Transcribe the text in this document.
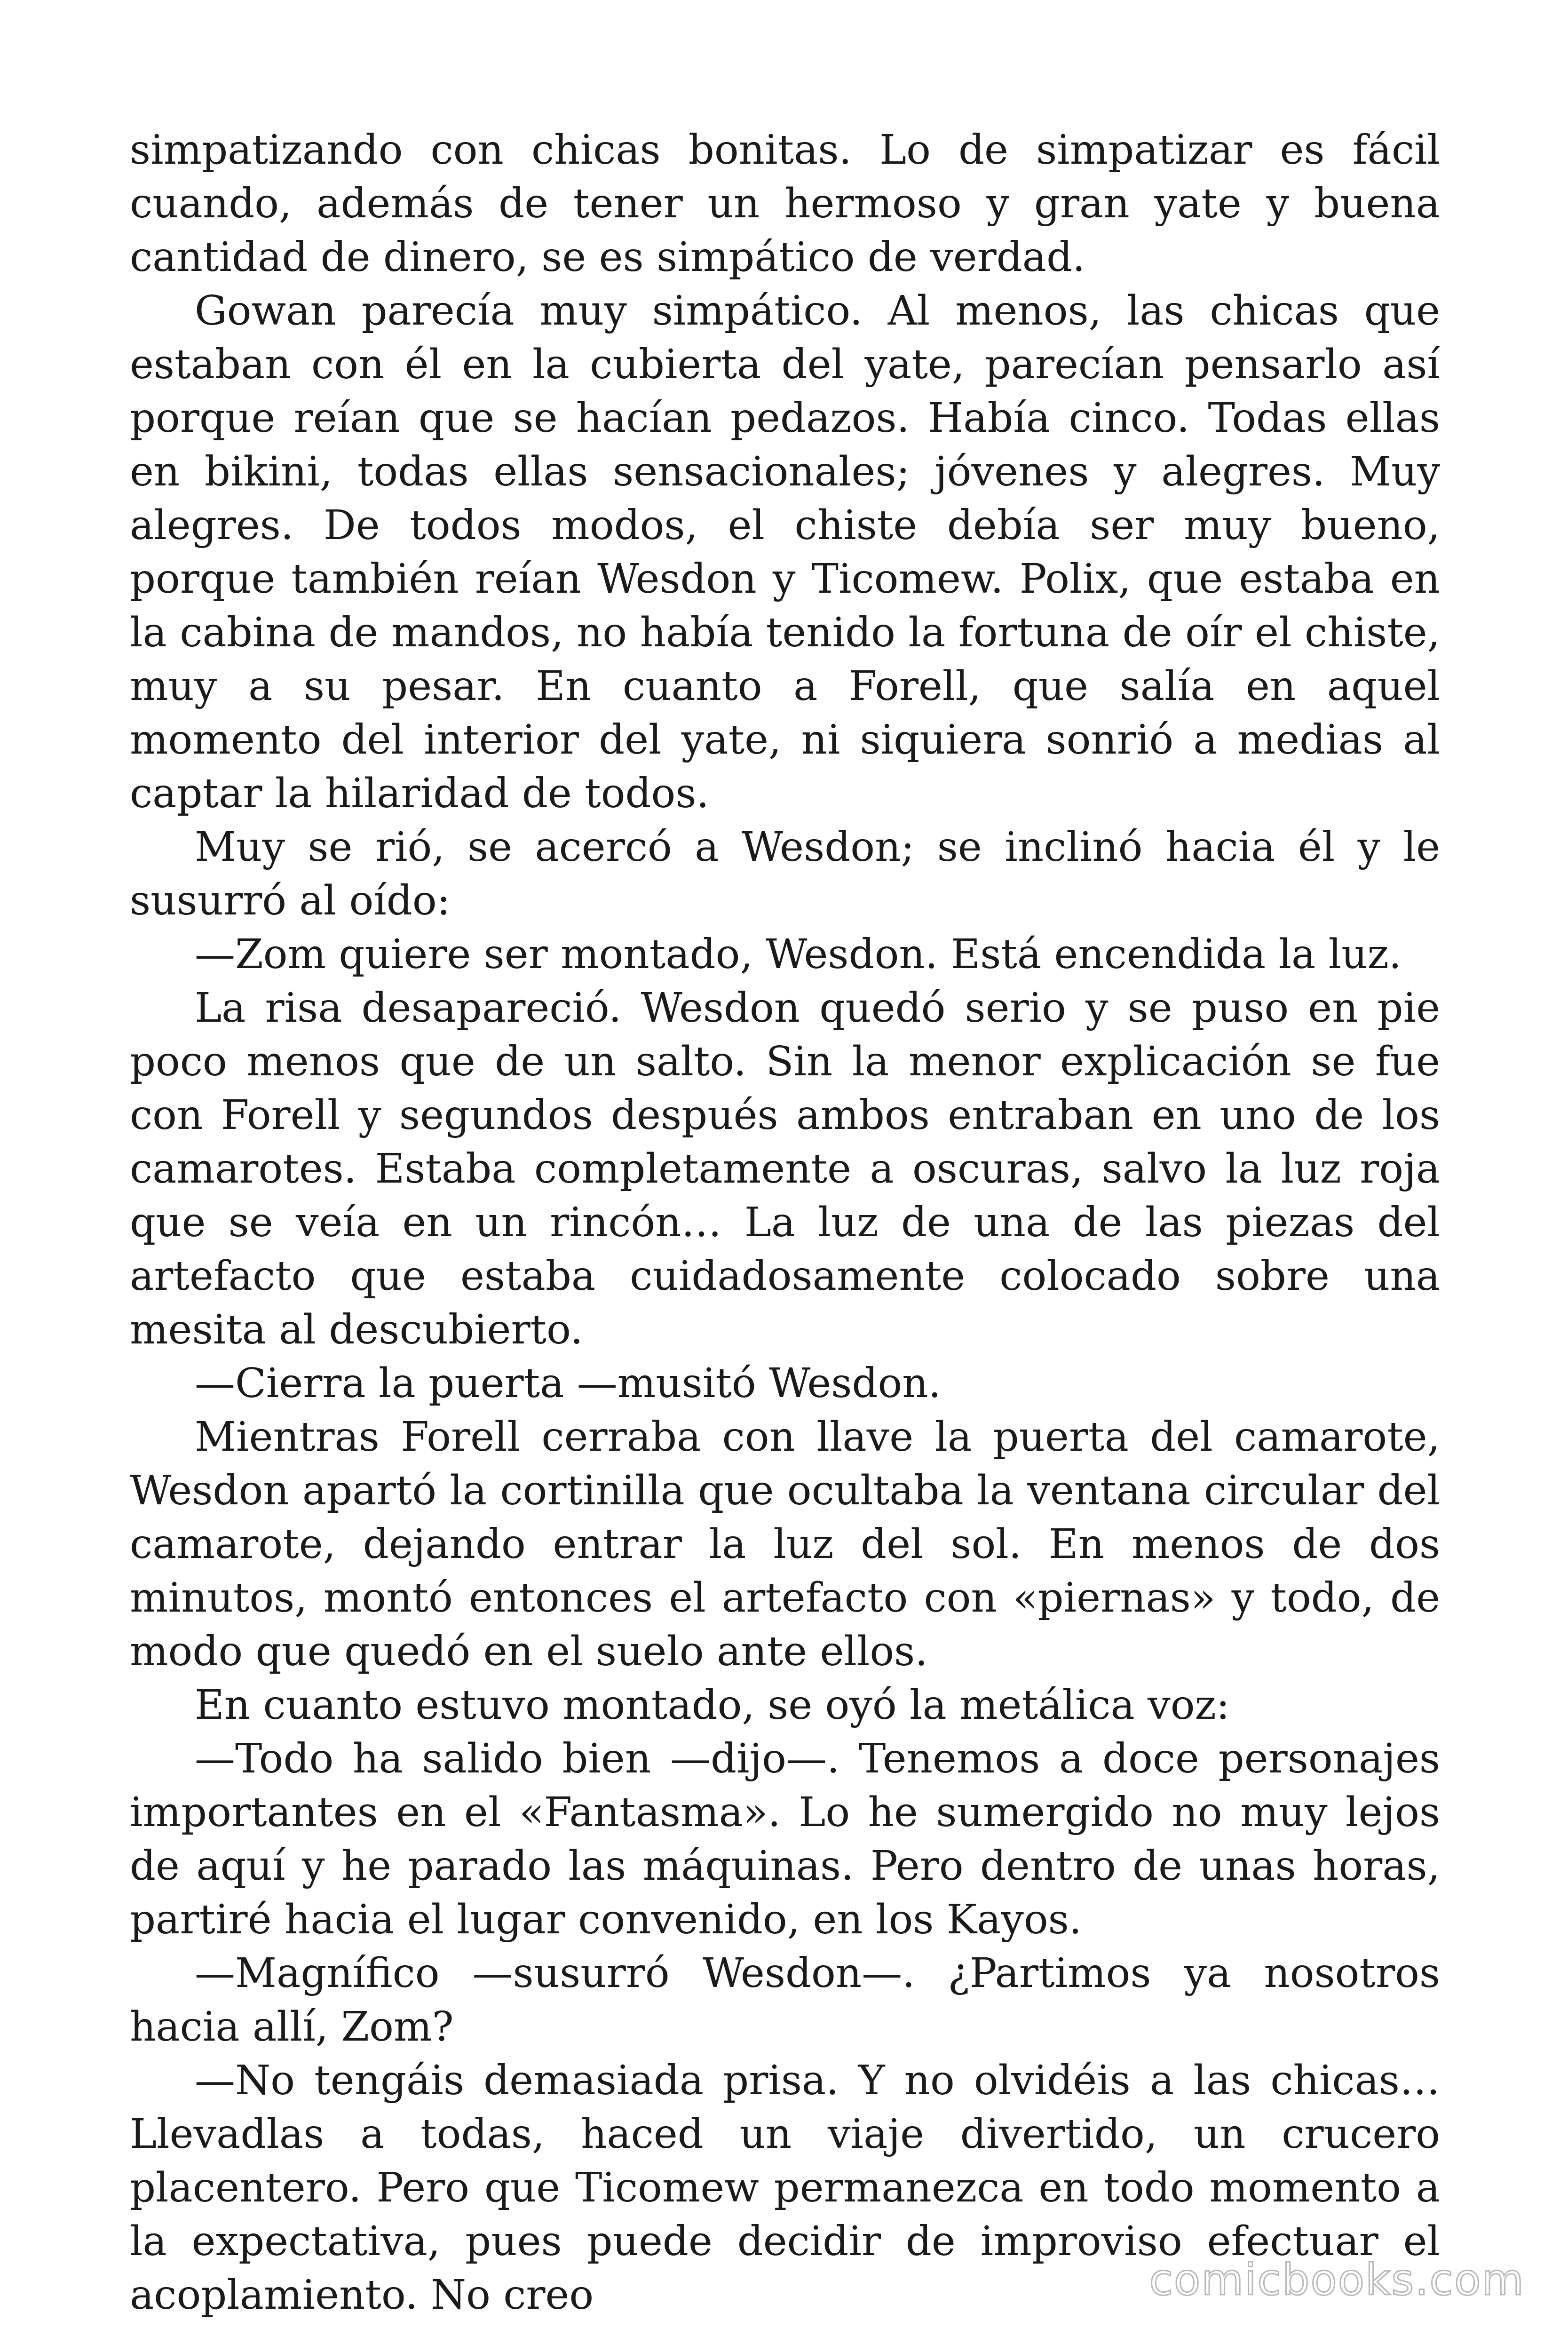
simpatizando con chicas bonitas. Lo de simpatizar es fácil cuando, además de tener un hermoso y gran yate y buena cantidad de dinero, se es simpático de verdad.

Gowan parecía muy simpático. Al menos, las chicas que estaban con él en la cubierta del yate, parecían pensarlo así porque reían que se hacían pedazos. Había cinco. Todas ellas en bikini, todas ellas sensacionales; jóvenes y alegres. Muy alegres. De todos modos, el chiste debía ser muy bueno, porque también reían Wesdon y Ticomew. Polix, que estaba en la cabina de mandos, no había tenido la fortuna de oír el chiste, muy a su pesar. En cuanto a Forell, que salía en aquel momento del interior del yate, ni siquiera sonrió a medias al captar la hilaridad de todos.

Muy se rió, se acercó a Wesdon; se inclinó hacia él y le susurró al oído:

—Zom quiere ser montado, Wesdon. Está encendida la luz.

La risa desapareció. Wesdon quedó serio y se puso en pie poco menos que de un salto. Sin la menor explicación se fue con Forell y segundos después ambos entraban en uno de los camarotes. Estaba completamente a oscuras, salvo la luz roja que se veía en un rincón… La luz de una de las piezas del artefacto que estaba cuidadosamente colocado sobre una mesita al descubierto.

—Cierra la puerta —musitó Wesdon.

Mientras Forell cerraba con llave la puerta del camarote, Wesdon apartó la cortinilla que ocultaba la ventana circular del camarote, dejando entrar la luz del sol. En menos de dos minutos, montó entonces el artefacto con «piernas» y todo, de modo que quedó en el suelo ante ellos.

En cuanto estuvo montado, se oyó la metálica voz:

—Todo ha salido bien —dijo—. Tenemos a doce personajes importantes en el «Fantasma». Lo he sumergido no muy lejos de aquí y he parado las máquinas. Pero dentro de unas horas, partiré hacia el lugar convenido, en los Kayos.

—Magnífico —susurró Wesdon—. ¿Partimos ya nosotros hacia allí, Zom?

—No tengáis demasiada prisa. Y no olvidéis a las chicas… Llevadlas a todas, haced un viaje divertido, un crucero placentero. Pero que Ticomew permanezca en todo momento a la expectativa, pues puede decidir de improviso efectuar el acoplamiento. No creo	comicbooks.com
